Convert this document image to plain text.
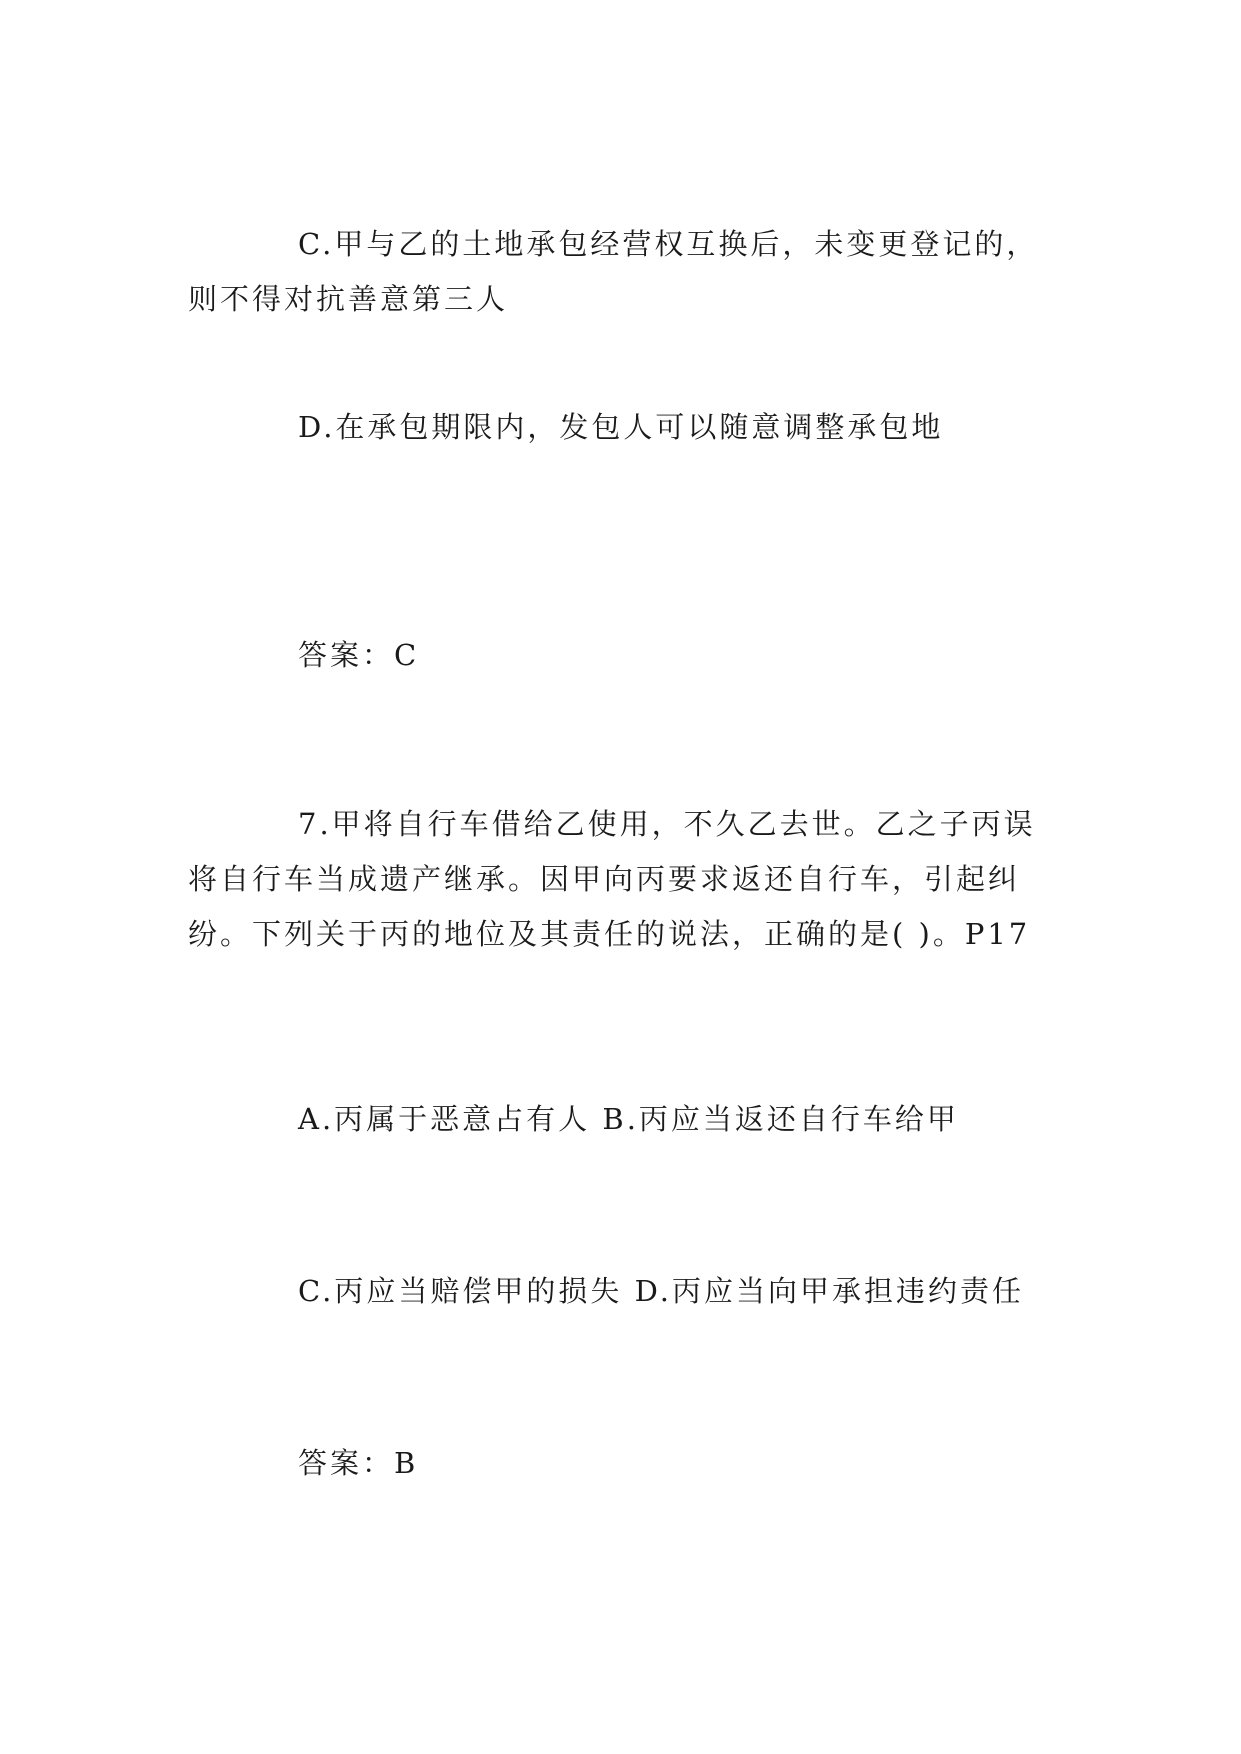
C.甲与乙的土地承包经营权互换后，未变更登记的，则不得对抗善意第三人

D.在承包期限内，发包人可以随意调整承包地

答案：C

7.甲将自行车借给乙使用，不久乙去世。乙之子丙误将自行车当成遗产继承。因甲向丙要求返还自行车，引起纠纷。下列关于丙的地位及其责任的说法，正确的是( )。P17

A.丙属于恶意占有人 B.丙应当返还自行车给甲

C.丙应当赔偿甲的损失 D.丙应当向甲承担违约责任

答案：B
